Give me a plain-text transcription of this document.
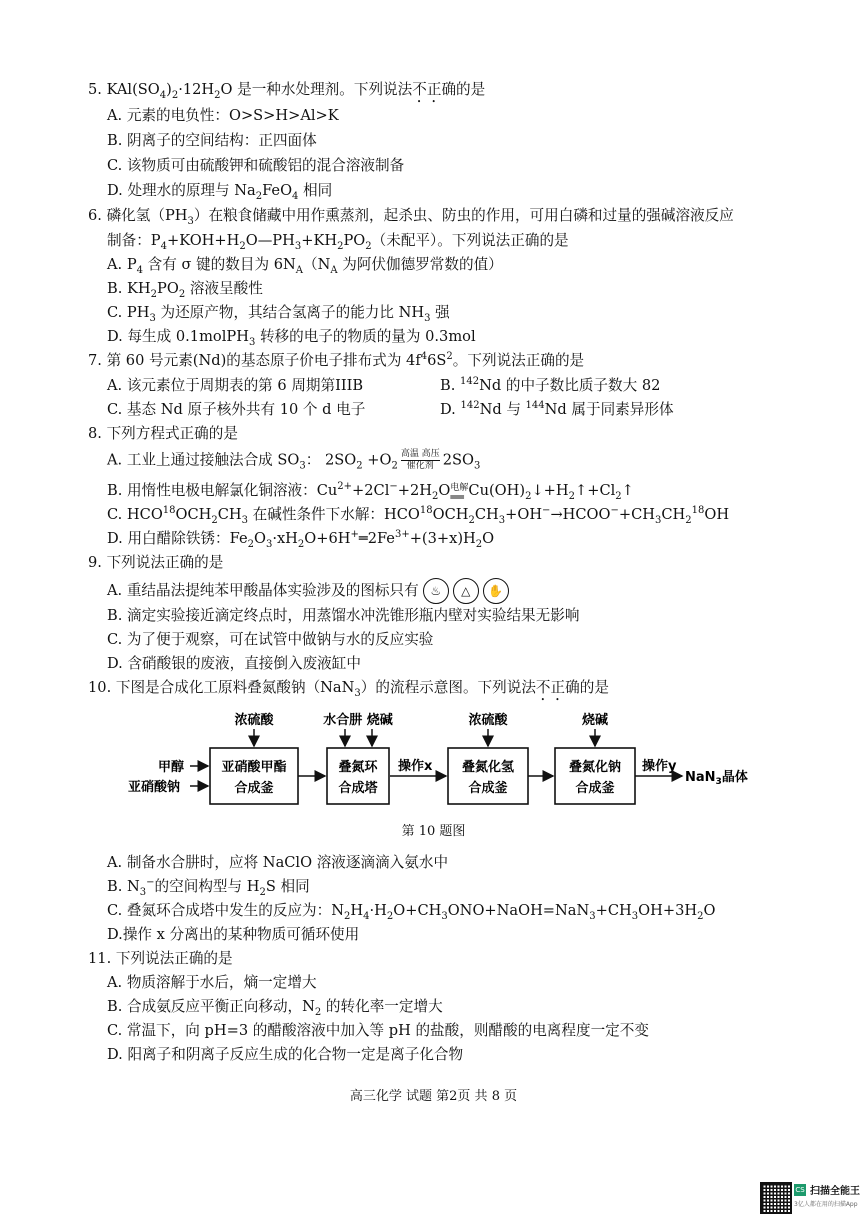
5. $KAl(SO_4)_2\cdot 12H_2O$ 是一种水处理剂。下列说法不正确的是
A. 元素的电负性：O>S>H>Al>K
B. 阴离子的空间结构：正四面体
C. 该物质可由硫酸钾和硫酸铝的混合溶液制备
D. 处理水的原理与 $Na_2FeO_4$ 相同
6. 磷化氢$(PH_3)$在粮食储藏中用作熏蒸剂，起杀虫、防虫的作用，可用白磷和过量的强碱溶液反应
制备：$P_4+KOH+H_2O—PH_3+KH_2PO_2$（未配平）。下列说法正确的是
A. $P_4$ 含有 σ 键的数目为 $6N_A(N_A$ 为阿伏伽德罗常数的值）
B. $KH_2PO_2$ 溶液呈酸性
C. $PH_3$ 为还原产物，其结合氢离子的能力比 $NH_3$ 强
D. 每生成 0.1molPH$_3$ 转移的电子的物质的量为 0.3mol
7. 第 60 号元素(Nd)的基态原子价电子排布式为 $4f^46S^2$。下列说法正确的是
A. 该元素位于周期表的第 6 周期第IIIB	B. $^{142}$Nd 的中子数比质子数大 82
C. 基态 Nd 原子核外共有 10 个 d 电子	D. $^{142}$Nd 与 $^{144}$Nd 属于同素异形体
8. 下列方程式正确的是
A. 工业上通过接触法合成 $SO_3$： $2SO_2 +O_2 \frac{\text{高温 高压}}{\text{催化剂}} 2SO_3$
B. 用惰性电极电解氯化铜溶液：$Cu^{2+}+2Cl^-+2H_2O$ 电解
══ $Cu(OH)_2↓+H_2↑+Cl_2↑$
C. $HCO^{18}OCH_2CH_3$ 在碱性条件下水解：$HCO^{18}OCH_2CH_3+OH^-\to HCOO^-+CH_3CH_2^{18}OH$
D. 用白醋除铁锈：$Fe_2O_3\cdot xH_2O+6H^+═2Fe^{3+}+(3+x)H_2O$
9. 下列说法正确的是
A. 重结晶法提纯苯甲酸晶体实验涉及的图标只有 ♨ △ ✋
B. 滴定实验接近滴定终点时，用蒸馏水冲洗锥形瓶内壁对实验结果无影响
C. 为了便于观察，可在试管中做钠与水的反应实验
D. 含硝酸银的废液，直接倒入废液缸中
10. 下图是合成化工原料叠氮酸钠（NaN$_3$）的流程示意图。下列说法不正确的是
甲醇
亚硝酸钠
亚硝酸甲酯
合成釜
浓硫酸
叠氮环
合成塔
水合肼 烧碱
操作x 叠氮化氢
合成釜
浓硫酸
叠氮化钠
合成釜
烧碱
操作y
NaN$_3$晶体
第 10 题图
A. 制备水合肼时，应将 NaClO 溶液逐滴滴入氨水中
B. $N_3^-$的空间构型与 $H_2S$ 相同
C. 叠氮环合成塔中发生的反应为：$N_2H_4\cdot H_2O+CH_3ONO+NaOH=NaN_3+CH_3OH+3H_2O$
D.操作 x 分离出的某种物质可循环使用
11. 下列说法正确的是
A. 物质溶解于水后，熵一定增大
B. 合成氨反应平衡正向移动，$N_2$ 的转化率一定增大
C. 常温下，向 pH=3 的醋酸溶液中加入等 pH 的盐酸，则醋酸的电离程度一定不变
D. 阳离子和阴离子反应生成的化合物一定是离子化合物
高三化学 试题 第2页 共 8 页
CS 扫描全能王
3亿人都在用的扫描App
